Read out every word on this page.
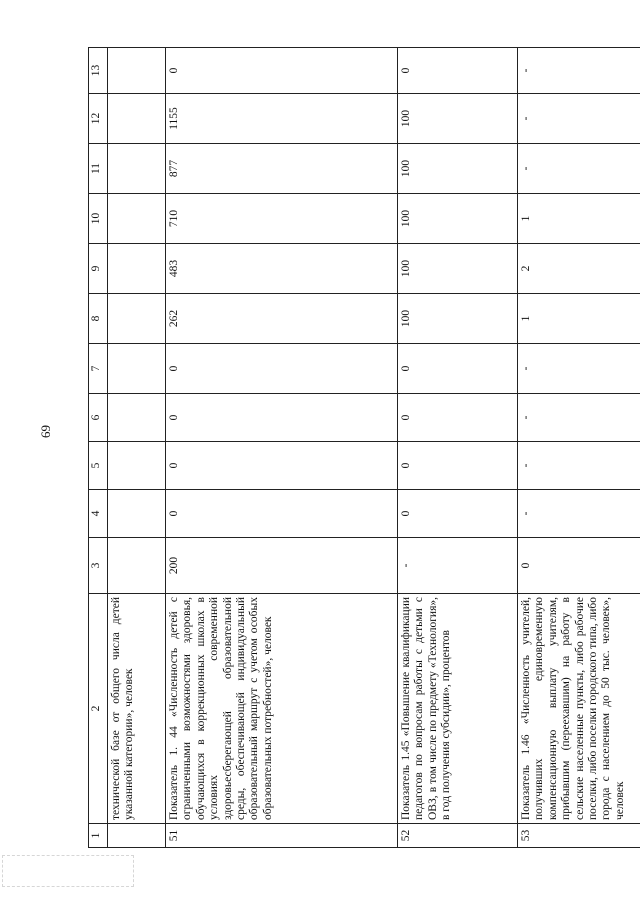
69
1	2	3	4	5	6	7	8	9	10	11	12	13
	технической базе от общего числа детей указанной категории», человек											
51	Показатель 1. 44 «Численность детей с ограниченными возможностями здоровья, обучающихся в коррекционных школах в условиях современной здоровьесберегающей образовательной среды, обеспечивающей индивидуальный образовательный маршрут с учетом особых образовательных потребностей», человек	200	0	0	0	0	262	483	710	877	1155	0
52	Показатель 1.45 «Повышение квалификации педагогов по вопросам работы с детьми с ОВЗ, в том числе по предмету «Технология», в год получения субсидии», процентов	-	0	0	0	0	100	100	100	100	100	0
53	Показатель 1.46 «Численность учителей, получивших единовременную компенсационную выплату учителям, прибывшим (переехавшим) на работу в сельские населенные пункты, либо рабочие поселки, либо поселки городского типа, либо города с населением до 50 тыс. человек», человек	0	-	-	-	-	1	2	1	-	-	-
